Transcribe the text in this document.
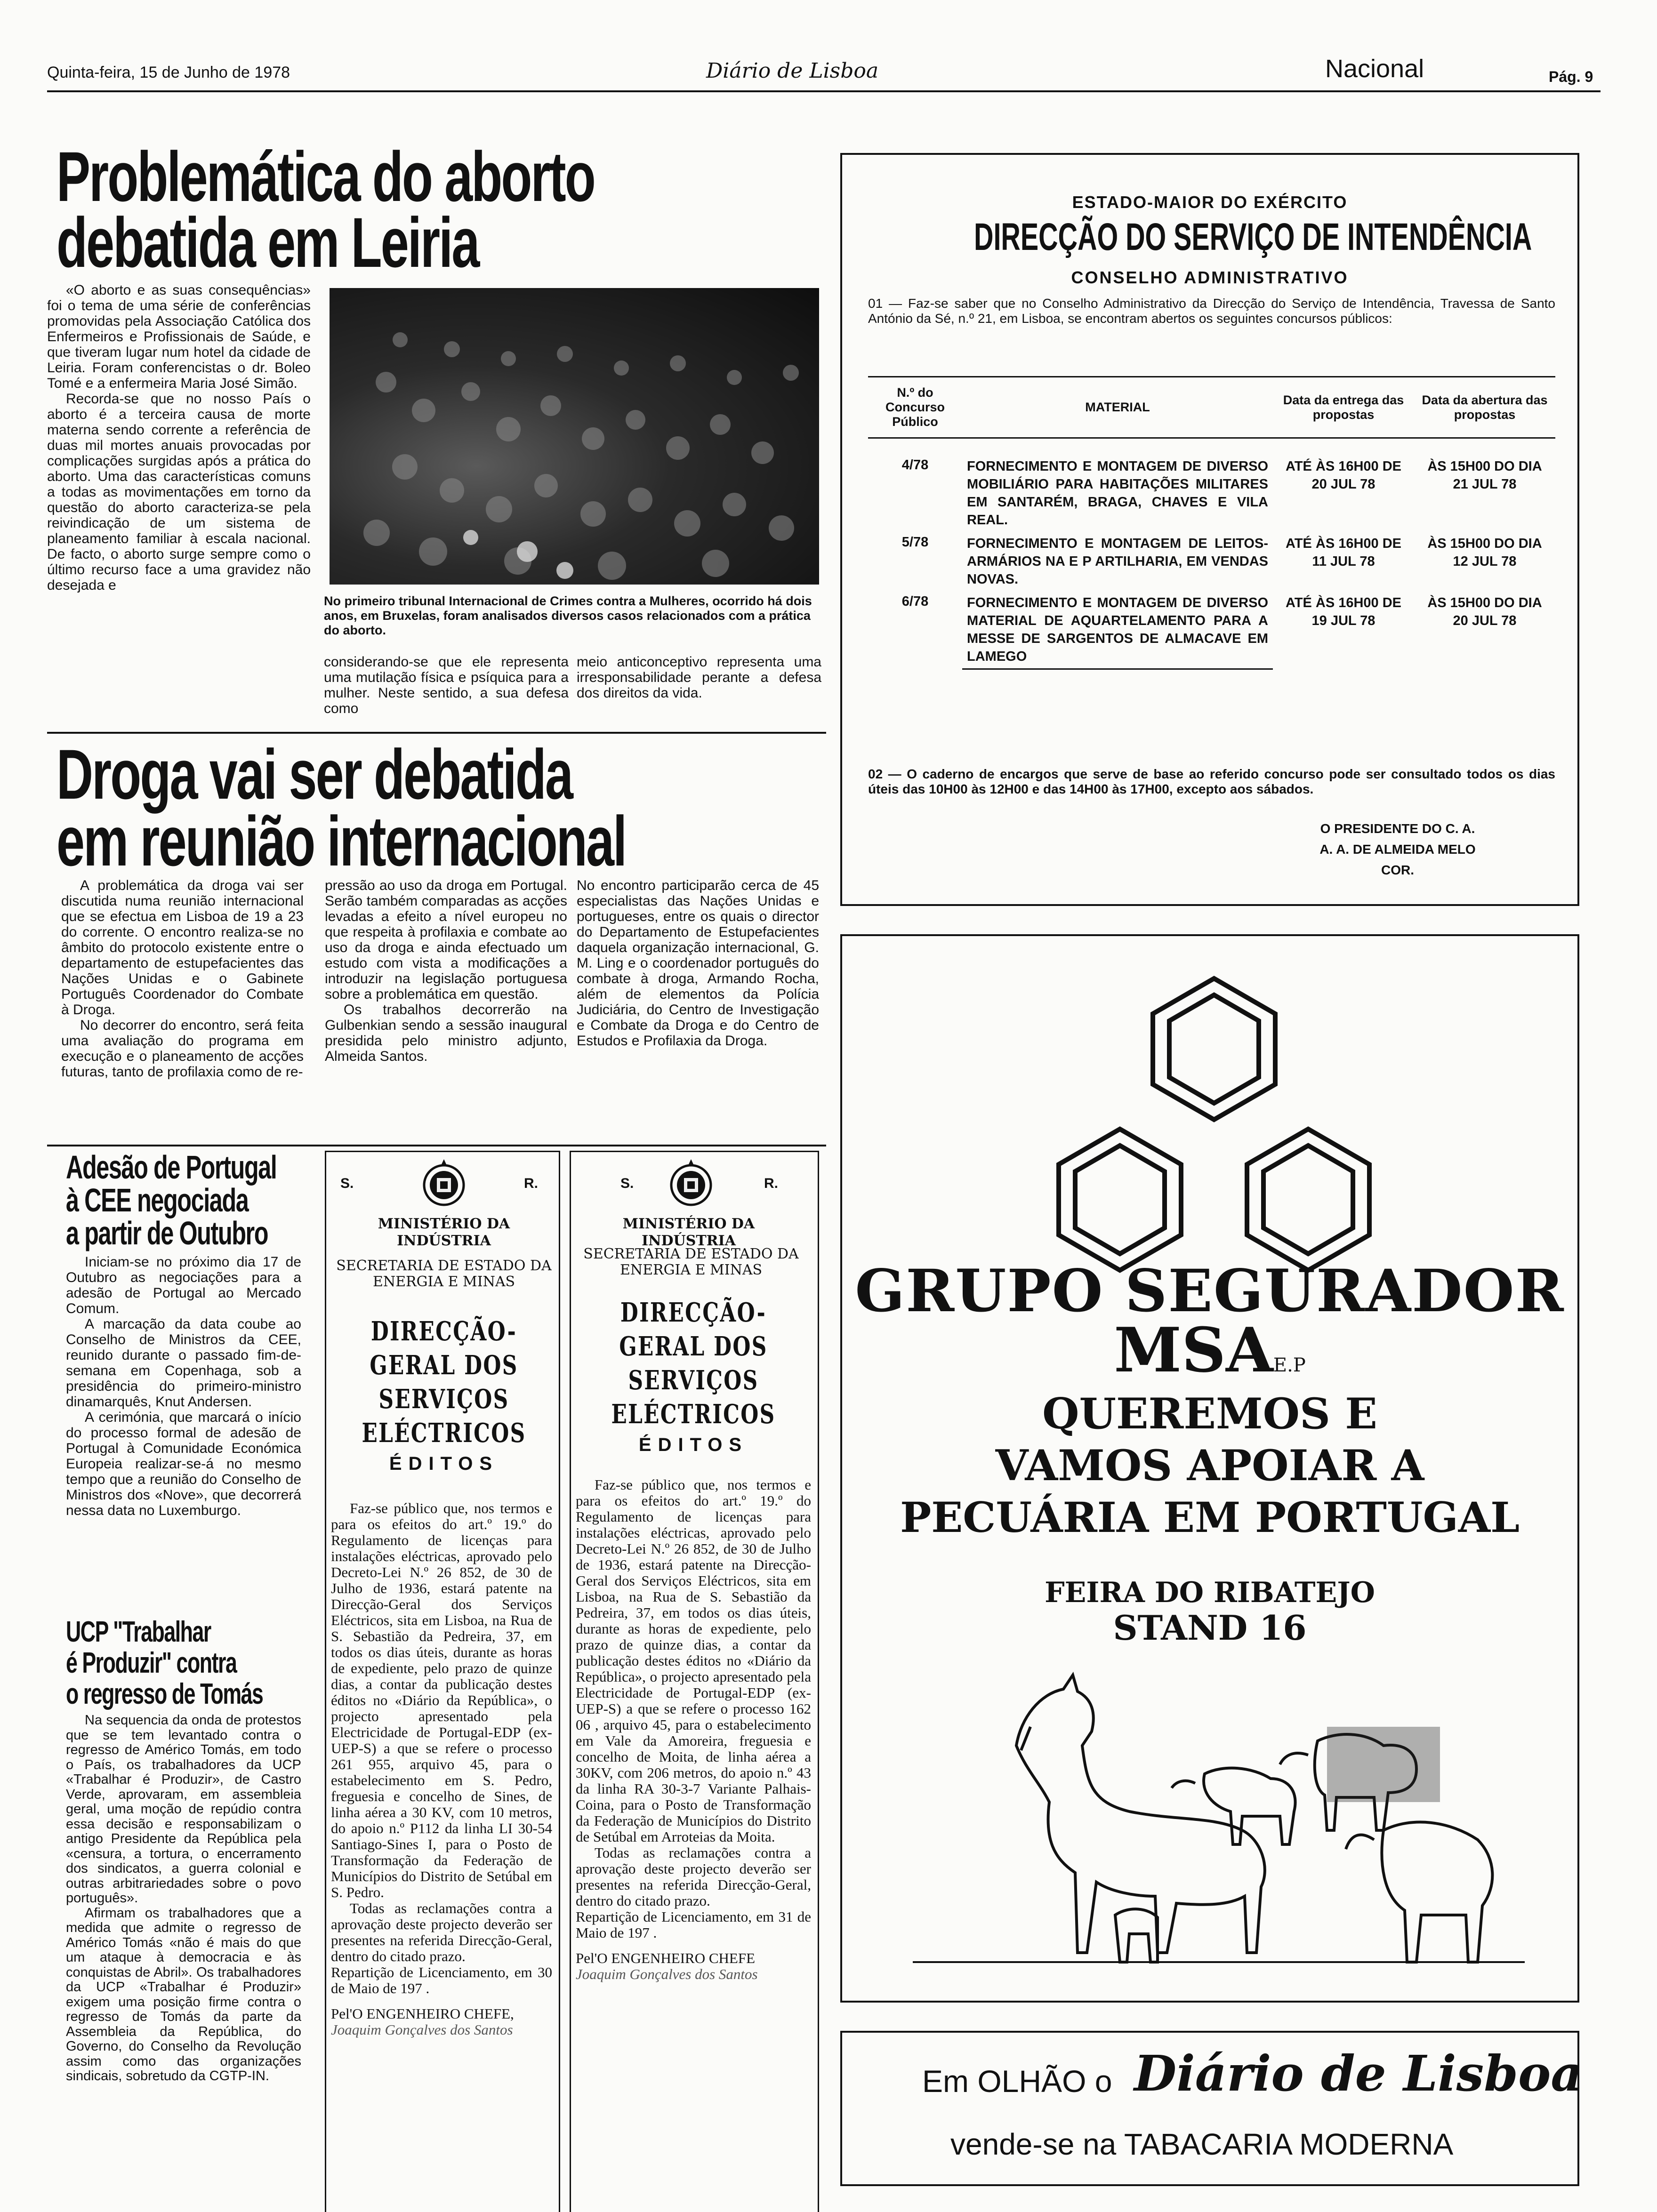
Quinta-feira, 15 de Junho de 1978	Diário de Lisboa	Nacional	Pág. 9
Problemática do aborto
debatida em Leiria

«O aborto e as suas consequências» foi o tema de uma série de conferências promovidas pela Associação Católica dos Enfermeiros e Profissionais de Saúde, e que tiveram lugar num hotel da cidade de Leiria. Foram conferencistas o dr. Boleo Tomé e a enfermeira Maria José Simão.

Recorda-se que no nosso País o aborto é a terceira causa de morte materna sendo corrente a referência de duas mil mortes anuais provocadas por complicações surgidas após a prática do aborto. Uma das características comuns a todas as movimentações em torno da questão do aborto caracteriza-se pela reivindicação de um sistema de planeamento familiar à escala nacional. De facto, o aborto surge sempre como o último recurso face a uma gravidez não desejada e

No primeiro tribunal Internacional de Crimes contra a Mulheres, ocorrido há dois anos, em Bruxelas, foram analisados diversos casos relacionados com a prática do aborto.
considerando-se que ele representa uma mutilação física e psíquica para a mulher. Neste sentido, a sua defesa como
meio anticonceptivo representa uma irresponsabilidade perante a defesa dos direitos da vida.
Droga vai ser debatida
em reunião internacional

A problemática da droga vai ser discutida numa reunião internacional que se efectua em Lisboa de 19 a 23 do corrente. O encontro realiza-se no âmbito do protocolo existente entre o departamento de estupefacientes das Nações Unidas e o Gabinete Português Coordenador do Combate à Droga.

No decorrer do encontro, será feita uma avaliação do programa em execução e o planeamento de acções futuras, tanto de profilaxia como de re-

pressão ao uso da droga em Portugal. Serão também comparadas as acções levadas a efeito a nível europeu no que respeita à profilaxia e combate ao uso da droga e ainda efectuado um estudo com vista a modificações a introduzir na legislação portuguesa sobre a problemática em questão.

Os trabalhos decorrerão na Gulbenkian sendo a sessão inaugural presidida pelo ministro adjunto, Almeida Santos.

No encontro participarão cerca de 45 especialistas das Nações Unidas e portugueses, entre os quais o director do Departamento de Estupefacientes daquela organização internacional, G. M. Ling e o coordenador português do combate à droga, Armando Rocha, além de elementos da Polícia Judiciária, do Centro de Investigação e Combate da Droga e do Centro de Estudos e Profilaxia da Droga.

Adesão de Portugal
à CEE negociada
a partir de Outubro

Iniciam-se no próximo dia 17 de Outubro as negociações para a adesão de Portugal ao Mercado Comum.

A marcação da data coube ao Conselho de Ministros da CEE, reunido durante o passado fim-de-semana em Copenhaga, sob a presidência do primeiro-ministro dinamarquês, Knut Andersen.

A cerimónia, que marcará o início do processo formal de adesão de Portugal à Comunidade Económica Europeia realizar-se-á no mesmo tempo que a reunião do Conselho de Ministros dos «Nove», que decorrerá nessa data no Luxemburgo.

UCP "Trabalhar
é Produzir" contra
o regresso de Tomás

Na sequencia da onda de protestos que se tem levantado contra o regresso de Américo Tomás, em todo o País, os trabalhadores da UCP «Trabalhar é Produzir», de Castro Verde, aprovaram, em assembleia geral, uma moção de repúdio contra essa decisão e responsabilizam o antigo Presidente da República pela «censura, a tortura, o encerramento dos sindicatos, a guerra colonial e outras arbitrariedades sobre o povo português».

Afirmam os trabalhadores que a medida que admite o regresso de Américo Tomás «não é mais do que um ataque à democracia e às conquistas de Abril». Os trabalhadores da UCP «Trabalhar é Produzir» exigem uma posição firme contra o regresso de Tomás da parte da Assembleia da República, do Governo, do Conselho da Revolução assim como das organizações sindicais, sobretudo da CGTP-IN.

S.	R.
MINISTÉRIO DA INDÚSTRIA
SECRETARIA DE ESTADO DA ENERGIA E MINAS
DIRECÇÃO-GERAL DOS SERVIÇOS ELÉCTRICOS
ÉDITOS

Faz-se público que, nos termos e para os efeitos do art.º 19.º do Regulamento de licenças para instalações eléctricas, aprovado pelo Decreto-Lei N.º 26 852, de 30 de Julho de 1936, estará patente na Direcção-Geral dos Serviços Eléctricos, sita em Lisboa, na Rua de S. Sebastião da Pedreira, 37, em todos os dias úteis, durante as horas de expediente, pelo prazo de quinze dias, a contar da publicação destes éditos no «Diário da República», o projecto apresentado pela Electricidade de Portugal-EDP (ex-UEP-S) a que se refere o processo 261 955, arquivo 45, para o estabelecimento em S. Pedro, freguesia e concelho de Sines, de linha aérea a 30 KV, com 10 metros, do apoio n.º P112 da linha LI 30-54 Santiago-Sines I, para o Posto de Transformação da Federação de Municípios do Distrito de Setúbal em S. Pedro.

Todas as reclamações contra a aprovação deste projecto deverão ser presentes na referida Direcção-Geral, dentro do citado prazo.

Repartição de Licenciamento, em 30 de Maio de 197 .

Pel'O ENGENHEIRO CHEFE,

Joaquim Gonçalves dos Santos

S.	R.
MINISTÉRIO DA INDÚSTRIA
SECRETARIA DE ESTADO DA ENERGIA E MINAS
DIRECÇÃO-GERAL DOS SERVIÇOS ELÉCTRICOS
ÉDITOS

Faz-se público que, nos termos e para os efeitos do art.º 19.º do Regulamento de licenças para instalações eléctricas, aprovado pelo Decreto-Lei N.º 26 852, de 30 de Julho de 1936, estará patente na Direcção-Geral dos Serviços Eléctricos, sita em Lisboa, na Rua de S. Sebastião da Pedreira, 37, em todos os dias úteis, durante as horas de expediente, pelo prazo de quinze dias, a contar da publicação destes éditos no «Diário da República», o projecto apresentado pela Electricidade de Portugal-EDP (ex-UEP-S) a que se refere o processo 162 06 , arquivo 45, para o estabelecimento em Vale da Amoreira, freguesia e concelho de Moita, de linha aérea a 30KV, com 206 metros, do apoio n.º 43 da linha RA 30-3-7 Variante Palhais-Coina, para o Posto de Transformação da Federação de Municípios do Distrito de Setúbal em Arroteias da Moita.

Todas as reclamações contra a aprovação deste projecto deverão ser presentes na referida Direcção-Geral, dentro do citado prazo.

Repartição de Licenciamento, em 31 de Maio de 197 .

Pel'O ENGENHEIRO CHEFE

Joaquim Gonçalves dos Santos

ESTADO-MAIOR DO EXÉRCITO
DIRECÇÃO DO SERVIÇO DE INTENDÊNCIA
CONSELHO ADMINISTRATIVO
01 — Faz-se saber que no Conselho Administrativo da Direcção do Serviço de Intendência, Travessa de Santo António da Sé, n.º 21, em Lisboa, se encontram abertos os seguintes concursos públicos:
N.º do Concurso Público	MATERIAL	Data da entrega das propostas	Data da abertura das propostas
4/78	FORNECIMENTO E MONTAGEM DE DIVERSO MOBILIÁRIO PARA HABITAÇÕES MILITARES EM SANTARÉM, BRAGA, CHAVES E VILA REAL.	ATÉ ÀS 16H00 DE 20 JUL 78	ÀS 15H00 DO DIA 21 JUL 78
5/78	FORNECIMENTO E MONTAGEM DE LEITOS-ARMÁRIOS NA E P ARTILHARIA, EM VENDAS NOVAS.	ATÉ ÀS 16H00 DE 11 JUL 78	ÀS 15H00 DO DIA 12 JUL 78
6/78	FORNECIMENTO E MONTAGEM DE DIVERSO MATERIAL DE AQUARTELAMENTO PARA A MESSE DE SARGENTOS DE ALMACAVE EM LAMEGO	ATÉ ÀS 16H00 DE 19 JUL 78	ÀS 15H00 DO DIA 20 JUL 78
02 — O caderno de encargos que serve de base ao referido concurso pode ser consultado todos os dias úteis das 10H00 às 12H00 e das 14H00 às 17H00, excepto aos sábados.
O PRESIDENTE DO C. A.
A. A. DE ALMEIDA MELO
COR.
GRUPO SEGURADOR
MSAE.P
QUEREMOS E
VAMOS APOIAR A
PECUÁRIA EM PORTUGAL
FEIRA DO RIBATEJO
STAND 16
Em OLHÃO o Diário de Lisboa
vende-se na TABACARIA MODERNA
